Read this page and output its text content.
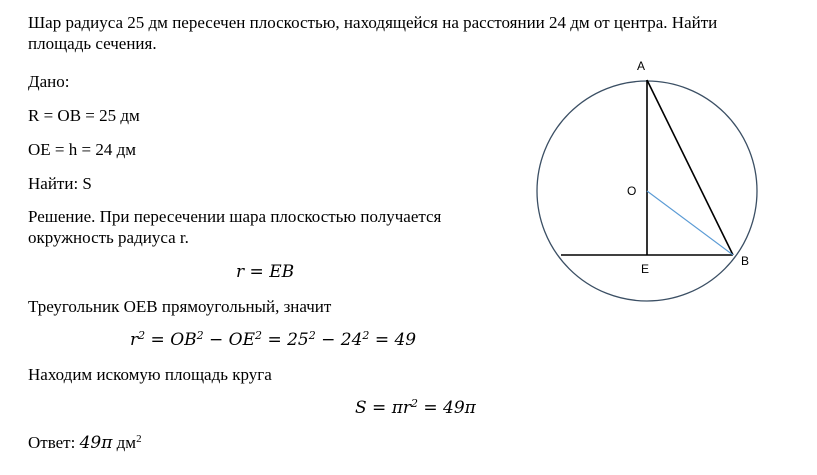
Шар радиуса 25 дм пересечен плоскостью, находящейся на расстоянии 24 дм от центра. Найти
площадь сечения.
Дано:
R = OB = 25 дм
OE = h = 24 дм
Найти: S
Решение. При пересечении шара плоскостью получается
окружность радиуса r.
r = EB
Треугольник OEB прямоугольный, значит
$r^2 = OB^2 - OE^2 = 25^2 - 24^2 = 49$
Находим искомую площадь круга
$S = \pi r^2 = 49\pi$
Ответ: 49π $дм^2$
A
O
E
B
